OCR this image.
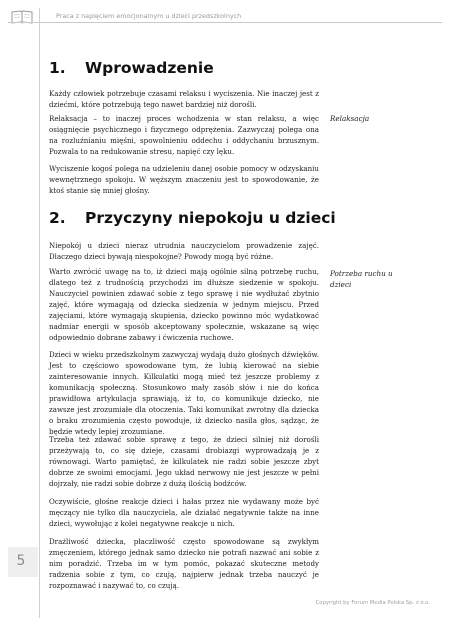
Praca z napięciem emocjonalnym u dzieci przedszkolnych
1. Wprowadzenie

Każdy człowiek potrzebuje czasami relaksu i wyciszenia. Nie inaczej jest z dziećmi, które potrzebują tego nawet bardziej niż dorośli.

Relaksacja – to inaczej proces wchodzenia w stan relaksu, a więc osiągnięcie psychicznego i fizycznego odprężenia. Zazwyczaj polega ona na rozluźnianiu mięśni, spowolnieniu oddechu i oddychaniu brzusznym. Pozwala to na redukowanie stresu, napięć czy lęku.

Relaksacja

Wyciszenie kogoś polega na udzieleniu danej osobie pomocy w odzyskaniu wewnętrznego spokoju. W węższym znaczeniu jest to spowodowanie, że ktoś stanie się mniej głośny.

2. Przyczyny niepokoju u dzieci

Niepokój u dzieci nieraz utrudnia nauczycielom prowadzenie zajęć. Dlaczego dzieci bywają niespokojne? Powody mogą być różne.

Warto zwrócić uwagę na to, iż dzieci mają ogólnie silną potrzebę ruchu, dlatego też z trudnością przychodzi im dłuższe siedzenie w spokoju. Nauczyciel powinien zdawać sobie z tego sprawę i nie wydłużać zbytnio zajęć, które wymagają od dziecka siedzenia w jednym miejscu. Przed zajęciami, które wymagają skupienia, dziecko powinno móc wydatkować nadmiar energii w sposób akceptowany społecznie, wskazane są więc odpowiednio dobrane zabawy i ćwiczenia ruchowe.

Potrzeba ruchu u dzieci

Dzieci w wieku przedszkolnym zazwyczaj wydają dużo głośnych dźwięków. Jest to częściowo spowodowane tym, że lubią kierować na siebie zainteresowanie innych. Kilkulatki mogą mieć też jeszcze problemy z komunikacją społeczną. Stosunkowo mały zasób słów i nie do końca prawidłowa artykulacja sprawiają, iż to, co komunikuje dziecko, nie zawsze jest zrozumiałe dla otoczenia. Taki komunikat zwrotny dla dziecka o braku zrozumienia często powoduje, iż dziecko nasila głos, sądząc, że będzie wtedy lepiej zrozumiane.

Trzeba też zdawać sobie sprawę z tego, że dzieci silniej niż dorośli przeżywają to, co się dzieje, czasami drobiazgi wyprowadzają je z równowagi. Warto pamiętać, że kilkulatek nie radzi sobie jeszcze zbyt dobrze ze swoimi emocjami. Jego układ nerwowy nie jest jeszcze w pełni dojrzały, nie radzi sobie dobrze z dużą ilością bodźców.

Oczywiście, głośne reakcje dzieci i hałas przez nie wydawany może być męczący nie tylko dla nauczyciela, ale działać negatywnie także na inne dzieci, wywołując z kolei negatywne reakcje u nich.

Drażliwość dziecka, płaczliwość często spowodowane są zwykłym zmęczeniem, którego jednak samo dziecko nie potrafi nazwać ani sobie z nim poradzić. Trzeba im w tym pomóc, pokazać skuteczne metody radzenia sobie z tym, co czują, najpierw jednak trzeba nauczyć je rozpoznawać i nazywać to, co czują.

5
Copyright by Forum Media Polska Sp. z o.o.
